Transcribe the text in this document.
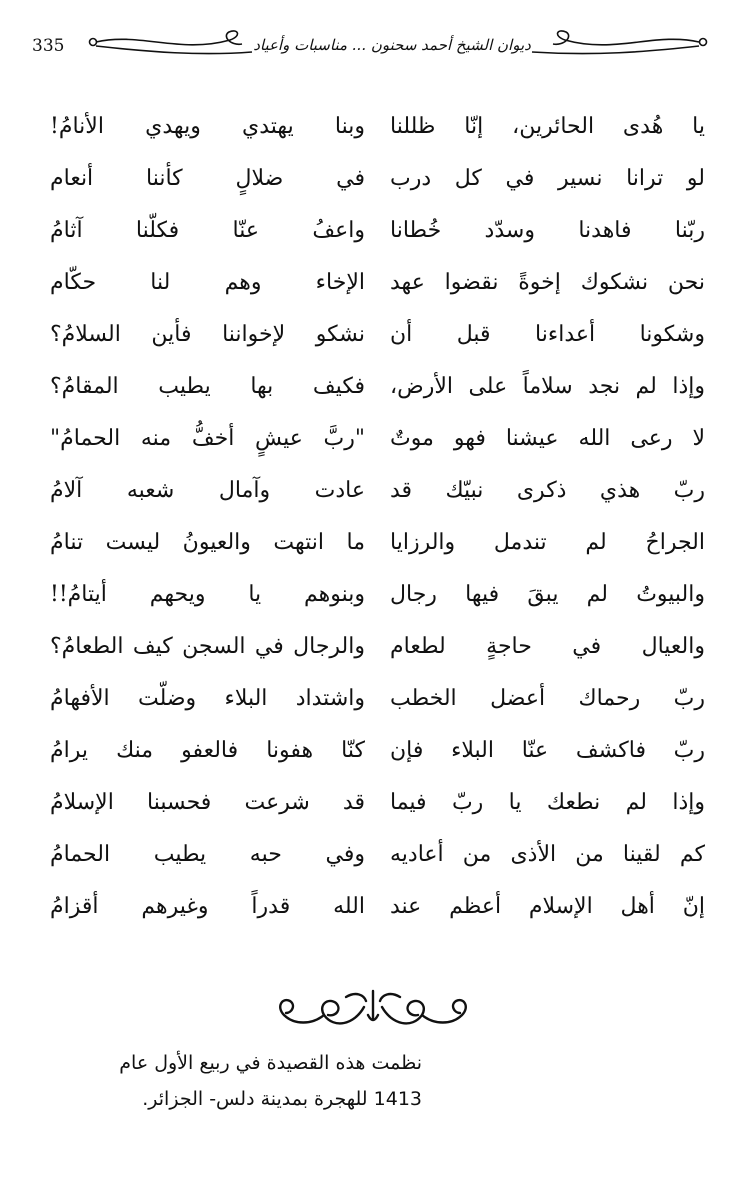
335	ديوان الشيخ أحمد سحنون ... مناسبات وأعياد
يا هُدى الحائرين، إنّا ظللنا
وبنا يهتدي ويهدي الأنامُ!
لو ترانا نسير في كل درب
في ضلالٍ كأننا أنعام
ربّنا فاهدنا وسدّد خُطانا
واعفُ عنّا فكلّنا آثامُ
نحن نشكوك إخوةً نقضوا عهد
الإخاء وهم لنا حكّام
وشكونا أعداءنا قبل أن
نشكو لإخواننا فأين السلامُ؟
وإذا لم نجد سلاماً على الأرض،
فكيف بها يطيب المقامُ؟
لا رعى الله عيشنا فهو موتٌ
"ربَّ عيشٍ أخفُّ منه الحمامُ"
ربّ هذي ذكرى نبيّك قد
عادت وآمال شعبه آلامُ
الجراحُ لم تندمل والرزايا
ما انتهت والعيونُ ليست تنامُ
والبيوتُ لم يبقَ فيها رجال
وبنوهم يا ويحهم أيتامُ!!
والعيال في حاجةٍ لطعام
والرجال في السجن كيف الطعامُ؟
ربّ رحماك أعضل الخطب
واشتداد البلاء وضلّت الأفهامُ
ربّ فاكشف عنّا البلاء فإن
كنّا هفونا فالعفو منك يرامُ
وإذا لم نطعك يا ربّ فيما
قد شرعت فحسبنا الإسلامُ
كم لقينا من الأذى من أعاديه
وفي حبه يطيب الحمامُ
إنّ أهل الإسلام أعظم عند
الله قدراً وغيرهم أقزامُ
نظمت هذه القصيدة في ربيع الأول عام
1413 للهجرة بمدينة دلس- الجزائر.
